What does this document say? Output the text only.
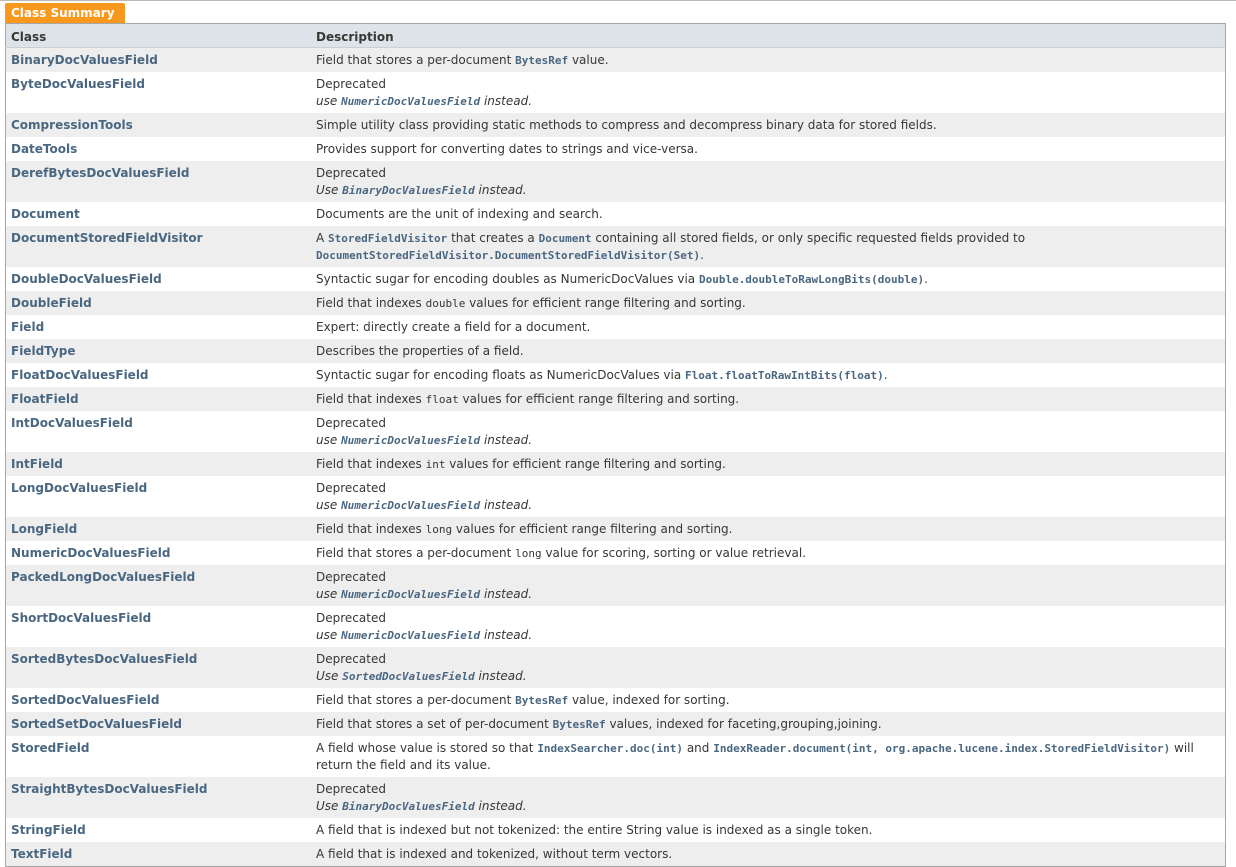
Class Summary
Class	Description
BinaryDocValuesField	Field that stores a per-document BytesRef value.
ByteDocValuesField	Deprecated
use NumericDocValuesField instead.

CompressionTools	Simple utility class providing static methods to compress and decompress binary data for stored fields.
DateTools	Provides support for converting dates to strings and vice-versa.
DerefBytesDocValuesField	Deprecated
Use BinaryDocValuesField instead.

Document	Documents are the unit of indexing and search.
DocumentStoredFieldVisitor	A StoredFieldVisitor that creates a Document containing all stored fields, or only specific requested fields provided to
DocumentStoredFieldVisitor.DocumentStoredFieldVisitor(Set).
DoubleDocValuesField	Syntactic sugar for encoding doubles as NumericDocValues via Double.doubleToRawLongBits(double).
DoubleField	Field that indexes double values for efficient range filtering and sorting.
Field	Expert: directly create a field for a document.
FieldType	Describes the properties of a field.
FloatDocValuesField	Syntactic sugar for encoding floats as NumericDocValues via Float.floatToRawIntBits(float).
FloatField	Field that indexes float values for efficient range filtering and sorting.
IntDocValuesField	Deprecated
use NumericDocValuesField instead.

IntField	Field that indexes int values for efficient range filtering and sorting.
LongDocValuesField	Deprecated
use NumericDocValuesField instead.

LongField	Field that indexes long values for efficient range filtering and sorting.
NumericDocValuesField	Field that stores a per-document long value for scoring, sorting or value retrieval.
PackedLongDocValuesField	Deprecated
use NumericDocValuesField instead.

ShortDocValuesField	Deprecated
use NumericDocValuesField instead.

SortedBytesDocValuesField	Deprecated
Use SortedDocValuesField instead.

SortedDocValuesField	Field that stores a per-document BytesRef value, indexed for sorting.
SortedSetDocValuesField	Field that stores a set of per-document BytesRef values, indexed for faceting,grouping,joining.
StoredField	A field whose value is stored so that IndexSearcher.doc(int) and IndexReader.document(int, org.apache.lucene.index.StoredFieldVisitor) will return the field and its value.
StraightBytesDocValuesField	Deprecated
Use BinaryDocValuesField instead.

StringField	A field that is indexed but not tokenized: the entire String value is indexed as a single token.
TextField	A field that is indexed and tokenized, without term vectors.
